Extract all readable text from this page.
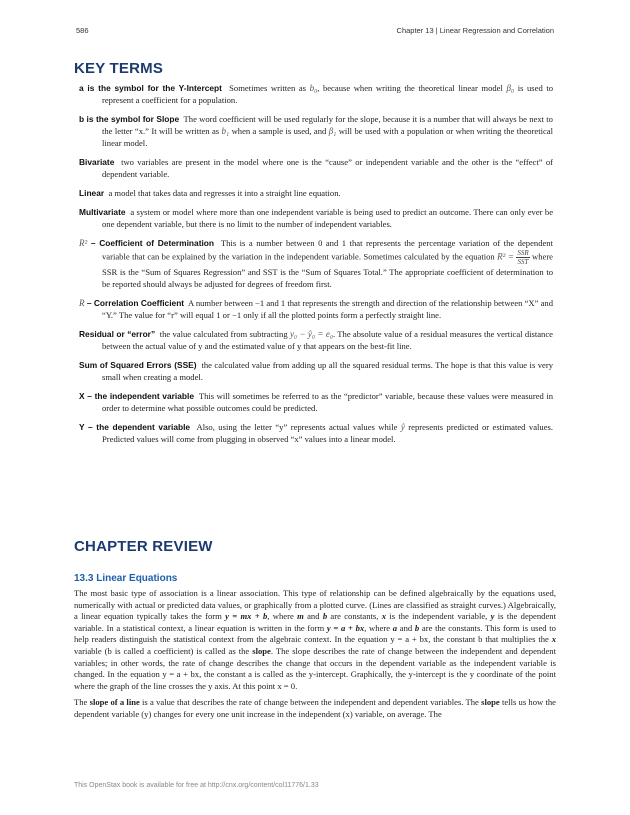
586	Chapter 13 | Linear Regression and Correlation
KEY TERMS
a is the symbol for the Y-Intercept Sometimes written as b₀, because when writing the theoretical linear model β₀ is used to represent a coefficient for a population.
b is the symbol for Slope The word coefficient will be used regularly for the slope, because it is a number that will always be next to the letter “x.” It will be written as b₁ when a sample is used, and β₁ will be used with a population or when writing the theoretical linear model.
Bivariate two variables are present in the model where one is the “cause” or independent variable and the other is the “effect” of dependent variable.
Linear a model that takes data and regresses it into a straight line equation.
Multivariate a system or model where more than one independent variable is being used to predict an outcome. There can only ever be one dependent variable, but there is no limit to the number of independent variables.
R² – Coefficient of Determination This is a number between 0 and 1 that represents the percentage variation of the dependent variable that can be explained by the variation in the independent variable. Sometimes calculated by the equation $R^2 = \frac{\text{SSR}}{\text{SST}}$ where SSR is the “Sum of Squares Regression” and SST is the “Sum of Squares Total.” The appropriate coefficient of determination to be reported should always be adjusted for degrees of freedom first.
R – Correlation Coefficient A number between −1 and 1 that represents the strength and direction of the relationship between “X” and “Y.” The value for “r” will equal 1 or −1 only if all the plotted points form a perfectly straight line.
Residual or “error” the value calculated from subtracting y₀ − ŷ₀ = e₀. The absolute value of a residual measures the vertical distance between the actual value of y and the estimated value of y that appears on the best-fit line.
Sum of Squared Errors (SSE) the calculated value from adding up all the squared residual terms. The hope is that this value is very small when creating a model.
X – the independent variable This will sometimes be referred to as the “predictor” variable, because these values were measured in order to determine what possible outcomes could be predicted.
Y – the dependent variable Also, using the letter “y” represents actual values while ŷ represents predicted or estimated values. Predicted values will come from plugging in observed “x” values into a linear model.
CHAPTER REVIEW
13.3 Linear Equations

The most basic type of association is a linear association. This type of relationship can be defined algebraically by the equations used, numerically with actual or predicted data values, or graphically from a plotted curve. (Lines are classified as straight curves.) Algebraically, a linear equation typically takes the form y = mx + b, where m and b are constants, x is the independent variable, y is the dependent variable. In a statistical context, a linear equation is written in the form y = a + bx, where a and b are the constants. This form is used to help readers distinguish the statistical context from the algebraic context. In the equation y = a + bx, the constant b that multiplies the x variable (b is called a coefficient) is called as the slope. The slope describes the rate of change between the independent and dependent variables; in other words, the rate of change describes the change that occurs in the dependent variable as the independent variable is changed. In the equation y = a + bx, the constant a is called as the y-intercept. Graphically, the y-intercept is the y coordinate of the point where the graph of the line crosses the y axis. At this point x = 0.

The slope of a line is a value that describes the rate of change between the independent and dependent variables. The slope tells us how the dependent variable (y) changes for every one unit increase in the independent (x) variable, on average. The

This OpenStax book is available for free at http://cnx.org/content/col11776/1.33
